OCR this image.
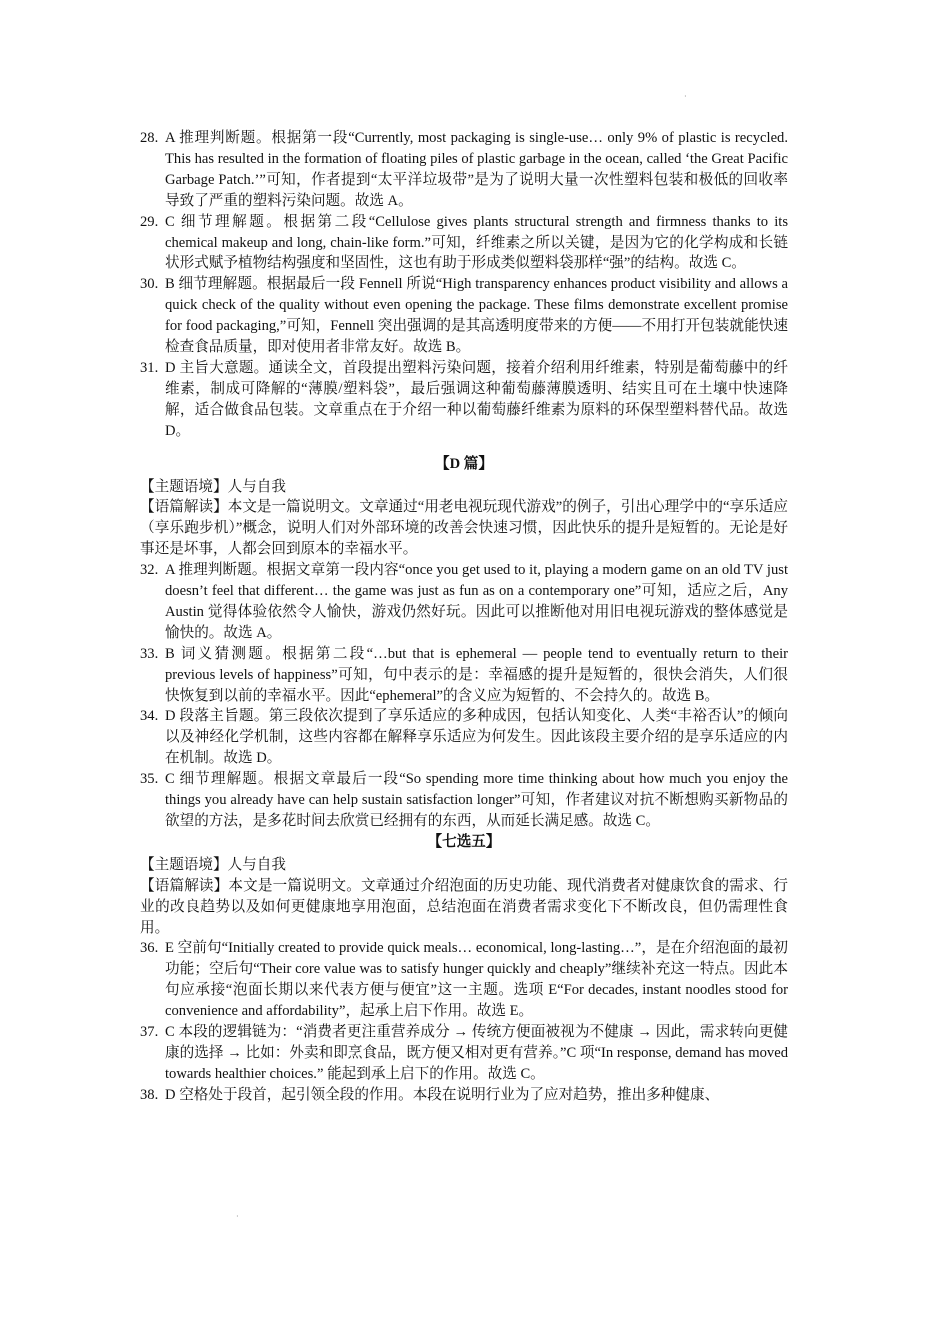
·
28. A 推理判断题。根据第一段“Currently, most packaging is single-use… only 9% of plastic is recycled. This has resulted in the formation of floating piles of plastic garbage in the ocean, called ‘the Great Pacific Garbage Patch.’”可知，作者提到“太平洋垃圾带”是为了说明大量一次性塑料包装和极低的回收率导致了严重的塑料污染问题。故选 A。
29. C 细节理解题。根据第二段“Cellulose gives plants structural strength and firmness thanks to its chemical makeup and long, chain-like form.”可知，纤维素之所以关键，是因为它的化学构成和长链状形式赋予植物结构强度和坚固性，这也有助于形成类似塑料袋那样“强”的结构。故选 C。
30. B 细节理解题。根据最后一段 Fennell 所说“High transparency enhances product visibility and allows a quick check of the quality without even opening the package. These films demonstrate excellent promise for food packaging,”可知，Fennell 突出强调的是其高透明度带来的方便——不用打开包装就能快速检查食品质量，即对使用者非常友好。故选 B。
31. D 主旨大意题。通读全文，首段提出塑料污染问题，接着介绍利用纤维素，特别是葡萄藤中的纤维素，制成可降解的“薄膜/塑料袋”，最后强调这种葡萄藤薄膜透明、结实且可在土壤中快速降解，适合做食品包装。文章重点在于介绍一种以葡萄藤纤维素为原料的环保型塑料替代品。故选 D。
【D 篇】
【主题语境】人与自我
【语篇解读】本文是一篇说明文。文章通过“用老电视玩现代游戏”的例子，引出心理学中的“享乐适应（享乐跑步机）”概念，说明人们对外部环境的改善会快速习惯，因此快乐的提升是短暂的。无论是好事还是坏事，人都会回到原本的幸福水平。
32. A 推理判断题。根据文章第一段内容“once you get used to it, playing a modern game on an old TV just doesn’t feel that different… the game was just as fun as on a contemporary one”可知，适应之后，Any Austin 觉得体验依然令人愉快，游戏仍然好玩。因此可以推断他对用旧电视玩游戏的整体感觉是愉快的。故选 A。
33. B 词义猜测题。根据第二段“…but that is ephemeral — people tend to eventually return to their previous levels of happiness”可知，句中表示的是：幸福感的提升是短暂的，很快会消失，人们很快恢复到以前的幸福水平。因此“ephemeral”的含义应为短暂的、不会持久的。故选 B。
34. D 段落主旨题。第三段依次提到了享乐适应的多种成因，包括认知变化、人类“丰裕否认”的倾向以及神经化学机制，这些内容都在解释享乐适应为何发生。因此该段主要介绍的是享乐适应的内在机制。故选 D。
35. C 细节理解题。根据文章最后一段“So spending more time thinking about how much you enjoy the things you already have can help sustain satisfaction longer”可知，作者建议对抗不断想购买新物品的欲望的方法，是多花时间去欣赏已经拥有的东西，从而延长满足感。故选 C。
【七选五】
【主题语境】人与自我
【语篇解读】本文是一篇说明文。文章通过介绍泡面的历史功能、现代消费者对健康饮食的需求、行业的改良趋势以及如何更健康地享用泡面，总结泡面在消费者需求变化下不断改良，但仍需理性食用。
36. E 空前句“Initially created to provide quick meals… economical, long-lasting…”，是在介绍泡面的最初功能；空后句“Their core value was to satisfy hunger quickly and cheaply”继续补充这一特点。因此本句应承接“泡面长期以来代表方便与便宜”这一主题。选项 E“For decades, instant noodles stood for convenience and affordability”，起承上启下作用。故选 E。
37. C 本段的逻辑链为：“消费者更注重营养成分 → 传统方便面被视为不健康 → 因此，需求转向更健康的选择 → 比如：外卖和即烹食品，既方便又相对更有营养。”C 项“In response, demand has moved towards healthier choices.” 能起到承上启下的作用。故选 C。
38. D 空格处于段首，起引领全段的作用。本段在说明行业为了应对趋势，推出多种健康、
·
